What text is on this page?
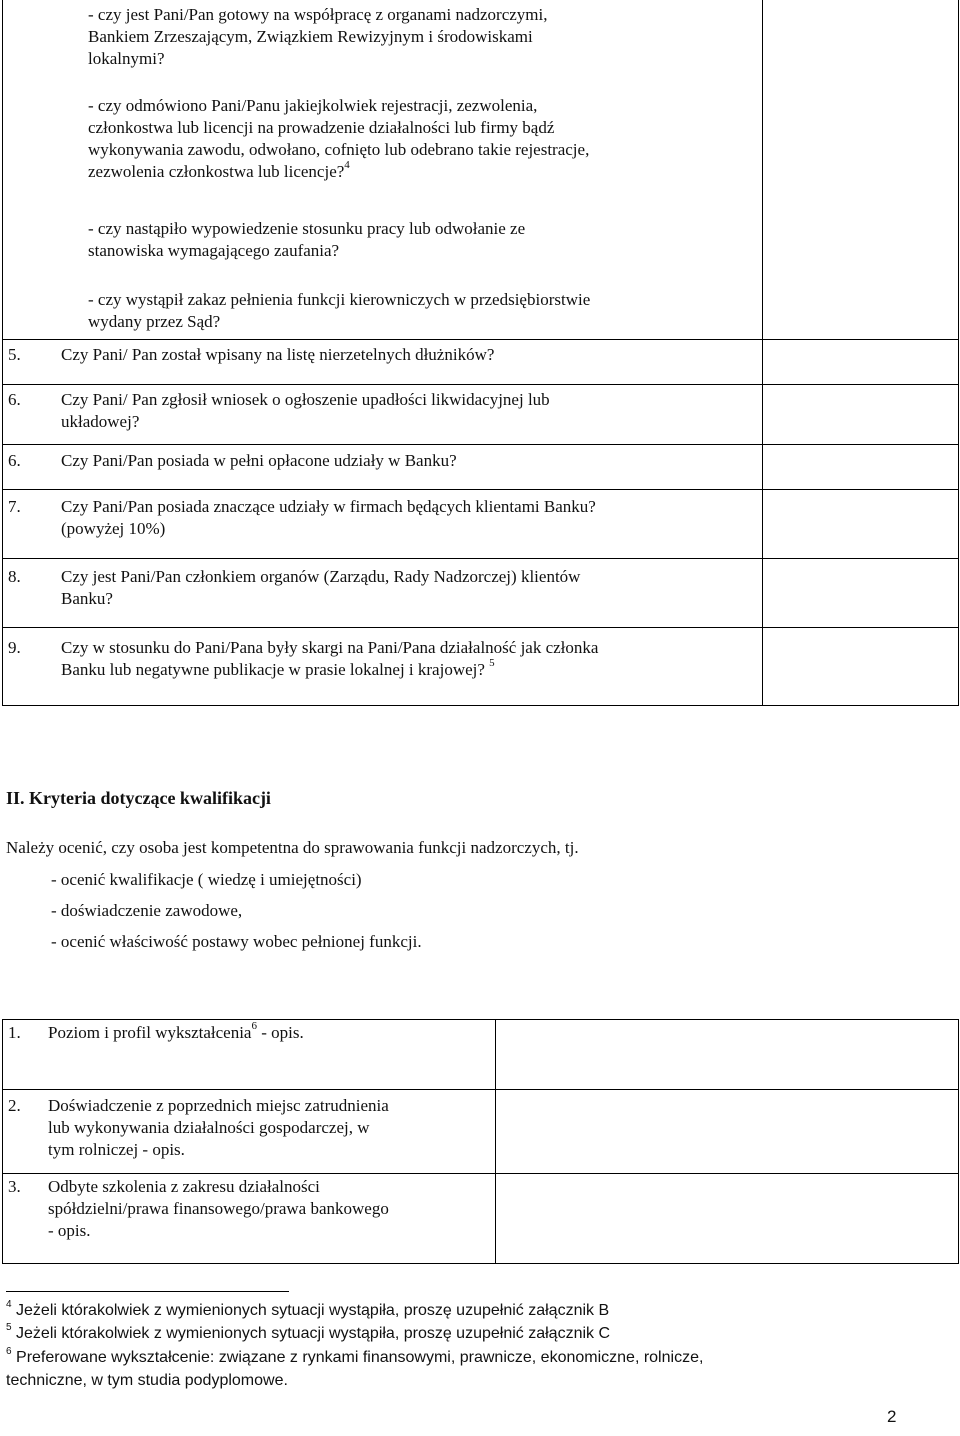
- czy jest Pani/Pan gotowy na współpracę z organami nadzorczymi,
Bankiem Zrzeszającym, Związkiem Rewizyjnym i środowiskami
lokalnymi?
- czy odmówiono Pani/Panu jakiejkolwiek rejestracji, zezwolenia,
członkostwa lub licencji na prowadzenie działalności lub firmy bądź
wykonywania zawodu, odwołano, cofnięto lub odebrano takie rejestracje,
zezwolenia członkostwa lub licencje?$^4$
- czy nastąpiło wypowiedzenie stosunku pracy lub odwołanie ze
stanowiska wymagającego zaufania?
- czy wystąpił zakaz pełnienia funkcji kierowniczych w przedsiębiorstwie
wydany przez Sąd?
5. Czy Pani/ Pan został wpisany na listę nierzetelnych dłużników?
6. Czy Pani/ Pan zgłosił wniosek o ogłoszenie upadłości likwidacyjnej lub
układowej?
6. Czy Pani/Pan posiada w pełni opłacone udziały w Banku?
7. Czy Pani/Pan posiada znaczące udziały w firmach będących klientami Banku?
(powyżej 10%)
8. Czy jest Pani/Pan członkiem organów (Zarządu, Rady Nadzorczej) klientów
Banku?
9. Czy w stosunku do Pani/Pana były skargi na Pani/Pana działalność jak członka
Banku lub negatywne publikacje w prasie lokalnej i krajowej? $^5$
II. Kryteria dotyczące kwalifikacji
Należy ocenić, czy osoba jest kompetentna do sprawowania funkcji nadzorczych, tj.
- ocenić kwalifikacje ( wiedzę i umiejętności)
- doświadczenie zawodowe,
- ocenić właściwość postawy wobec pełnionej funkcji.
1. Poziom i profil wykształcenia$^6$ - opis.
2. Doświadczenie z poprzednich miejsc zatrudnienia
lub wykonywania działalności gospodarczej, w
tym rolniczej - opis.
3. Odbyte szkolenia z zakresu działalności
spółdzielni/prawa finansowego/prawa bankowego
- opis.
$^4$ Jeżeli którakolwiek z wymienionych sytuacji wystąpiła, proszę uzupełnić załącznik B
$^5$ Jeżeli którakolwiek z wymienionych sytuacji wystąpiła, proszę uzupełnić załącznik C
$^6$ Preferowane wykształcenie: związane z rynkami finansowymi, prawnicze, ekonomiczne, rolnicze,
techniczne, w tym studia podyplomowe.
2
